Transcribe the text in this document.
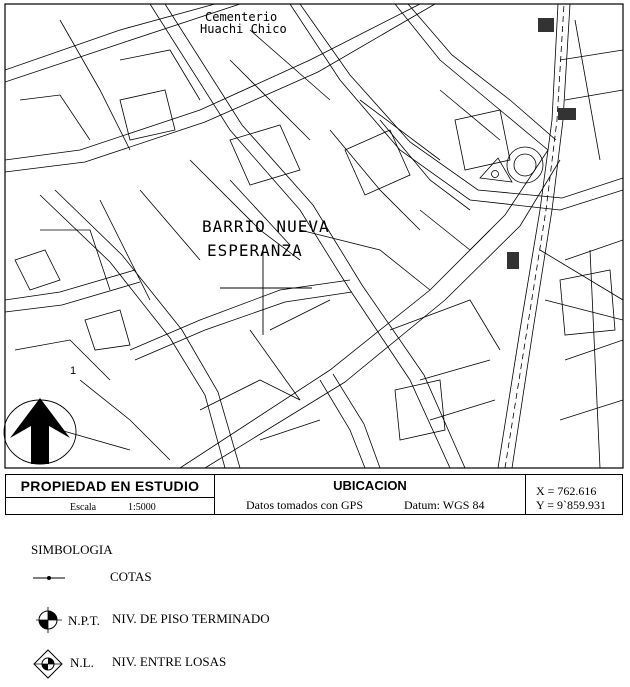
Cementerio
Huachi Chico
BARRIO NUEVA
ESPERANZA
1
PROPIEDAD EN ESTUDIO
Escala	1:5000
UBICACION
Datos tomados con GPS	Datum: WGS 84
X = 762.616
Y = 9`859.931
SIMBOLOGIA
COTAS
N.P.T. NIV. DE PISO TERMINADO
N.L. NIV. ENTRE LOSAS
